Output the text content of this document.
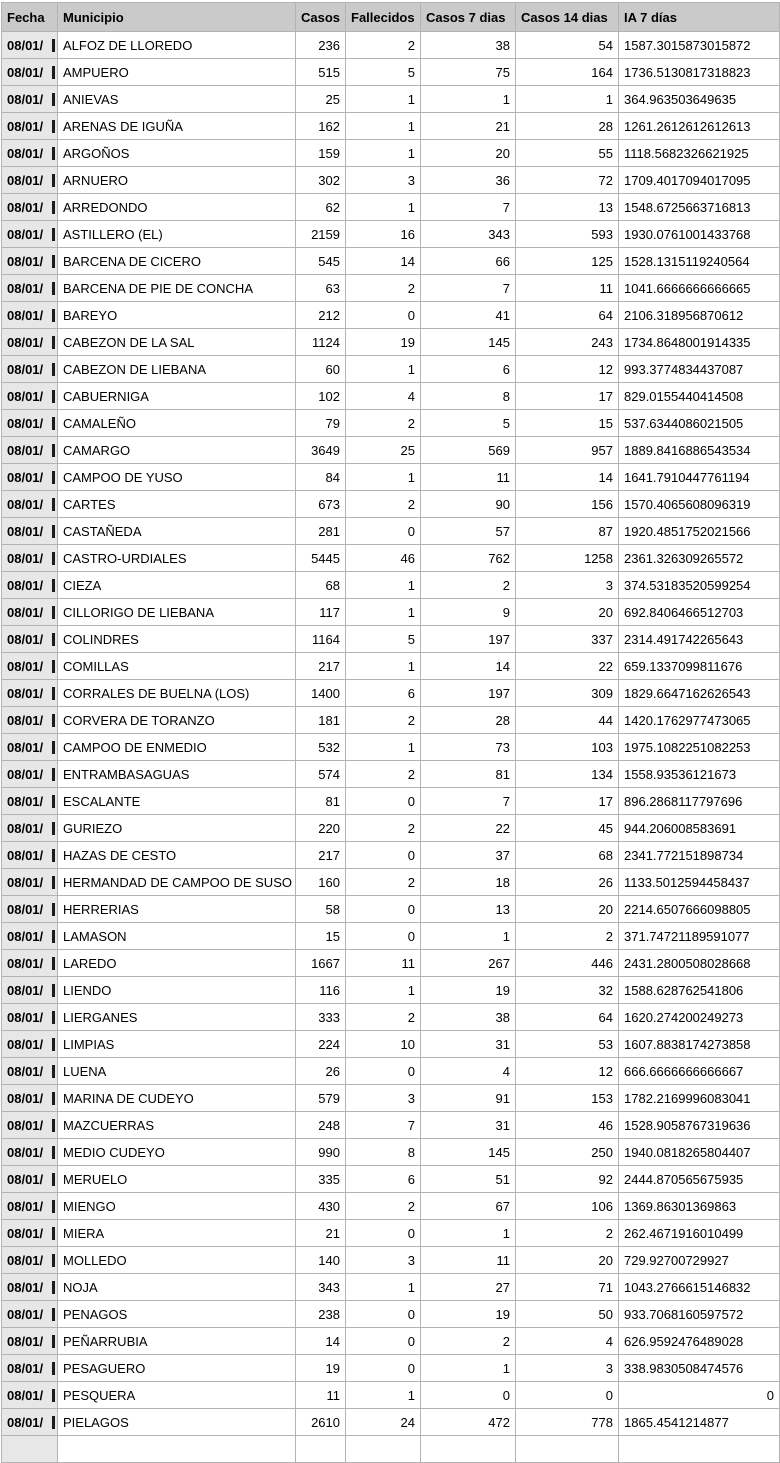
Fecha	Municipio	Casos	Fallecidos	Casos 7 dias	Casos 14 dias	IA 7 días	
08/01/	ALFOZ DE LLOREDO	236	2	38	54	1587.3015873015872	
08/01/	AMPUERO	515	5	75	164	1736.5130817318823	
08/01/	ANIEVAS	25	1	1	1	364.963503649635	
08/01/	ARENAS DE IGUÑA	162	1	21	28	1261.2612612612613	
08/01/	ARGOÑOS	159	1	20	55	1118.5682326621925	
08/01/	ARNUERO	302	3	36	72	1709.4017094017095	
08/01/	ARREDONDO	62	1	7	13	1548.6725663716813	
08/01/	ASTILLERO (EL)	2159	16	343	593	1930.0761001433768	
08/01/	BARCENA DE CICERO	545	14	66	125	1528.1315119240564	
08/01/	BARCENA DE PIE DE CONCHA	63	2	7	11	1041.6666666666665	
08/01/	BAREYO	212	0	41	64	2106.318956870612	
08/01/	CABEZON DE LA SAL	1124	19	145	243	1734.8648001914335	
08/01/	CABEZON DE LIEBANA	60	1	6	12	993.3774834437087	
08/01/	CABUERNIGA	102	4	8	17	829.0155440414508	
08/01/	CAMALEÑO	79	2	5	15	537.6344086021505	
08/01/	CAMARGO	3649	25	569	957	1889.8416886543534	
08/01/	CAMPOO DE YUSO	84	1	11	14	1641.7910447761194	
08/01/	CARTES	673	2	90	156	1570.4065608096319	
08/01/	CASTAÑEDA	281	0	57	87	1920.4851752021566	
08/01/	CASTRO-URDIALES	5445	46	762	1258	2361.326309265572	
08/01/	CIEZA	68	1	2	3	374.53183520599254	
08/01/	CILLORIGO DE LIEBANA	117	1	9	20	692.8406466512703	
08/01/	COLINDRES	1164	5	197	337	2314.491742265643	
08/01/	COMILLAS	217	1	14	22	659.1337099811676	
08/01/	CORRALES DE BUELNA (LOS)	1400	6	197	309	1829.6647162626543	
08/01/	CORVERA DE TORANZO	181	2	28	44	1420.1762977473065	
08/01/	CAMPOO DE ENMEDIO	532	1	73	103	1975.1082251082253	
08/01/	ENTRAMBASAGUAS	574	2	81	134	1558.93536121673	
08/01/	ESCALANTE	81	0	7	17	896.2868117797696	
08/01/	GURIEZO	220	2	22	45	944.206008583691	
08/01/	HAZAS DE CESTO	217	0	37	68	2341.772151898734	
08/01/	HERMANDAD DE CAMPOO DE SUSO	160	2	18	26	1133.5012594458437	
08/01/	HERRERIAS	58	0	13	20	2214.6507666098805	
08/01/	LAMASON	15	0	1	2	371.74721189591077	
08/01/	LAREDO	1667	11	267	446	2431.2800508028668	
08/01/	LIENDO	116	1	19	32	1588.628762541806	
08/01/	LIERGANES	333	2	38	64	1620.274200249273	
08/01/	LIMPIAS	224	10	31	53	1607.8838174273858	
08/01/	LUENA	26	0	4	12	666.6666666666667	
08/01/	MARINA DE CUDEYO	579	3	91	153	1782.2169996083041	
08/01/	MAZCUERRAS	248	7	31	46	1528.9058767319636	
08/01/	MEDIO CUDEYO	990	8	145	250	1940.0818265804407	
08/01/	MERUELO	335	6	51	92	2444.870565675935	
08/01/	MIENGO	430	2	67	106	1369.86301369863	
08/01/	MIERA	21	0	1	2	262.4671916010499	
08/01/	MOLLEDO	140	3	11	20	729.92700729927	
08/01/	NOJA	343	1	27	71	1043.2766615146832	
08/01/	PENAGOS	238	0	19	50	933.7068160597572	
08/01/	PEÑARRUBIA	14	0	2	4	626.9592476489028	
08/01/	PESAGUERO	19	0	1	3	338.9830508474576	
08/01/	PESQUERA	11	1	0	0	0	
08/01/	PIELAGOS	2610	24	472	778	1865.4541214877	
